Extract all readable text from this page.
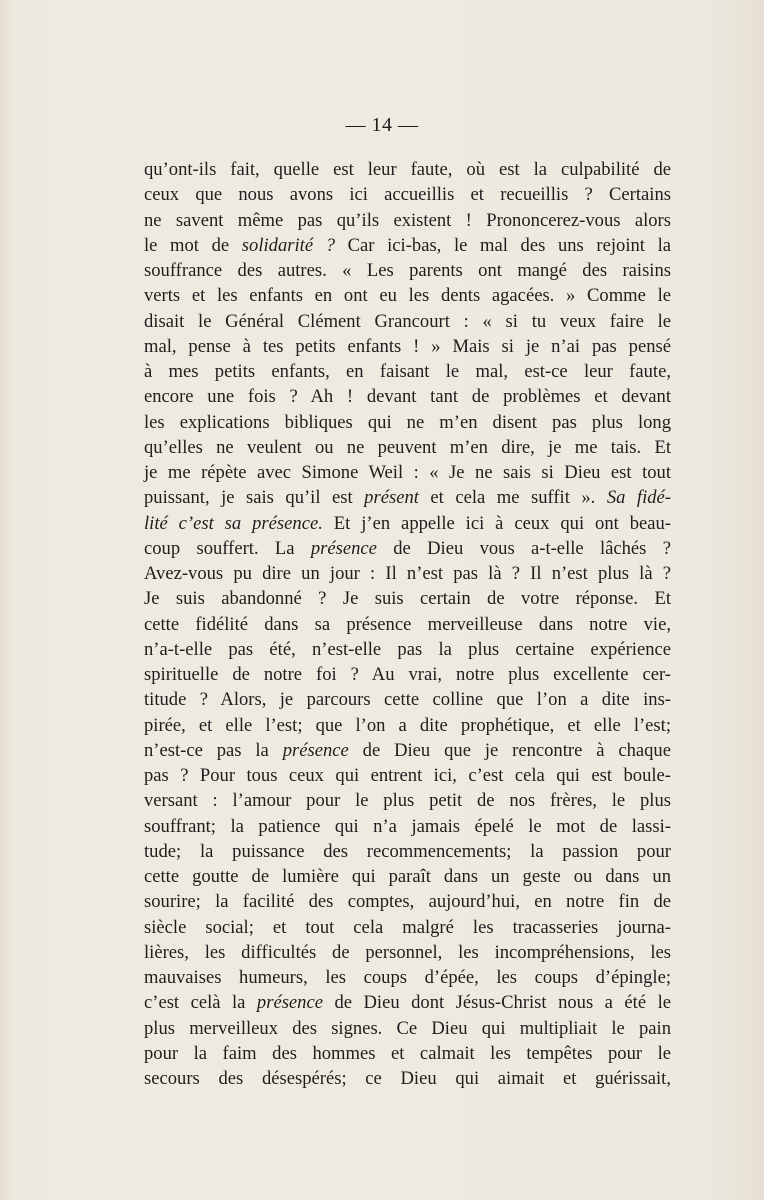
— 14 —
qu’ont-ils fait, quelle est leur faute, où est la culpabilité de
ceux que nous avons ici accueillis et recueillis ? Certains
ne savent même pas qu’ils existent ! Prononcerez-vous alors
le mot de solidarité ? Car ici-bas, le mal des uns rejoint la
souffrance des autres. « Les parents ont mangé des raisins
verts et les enfants en ont eu les dents agacées. » Comme le
disait le Général Clément Grancourt : « si tu veux faire le
mal, pense à tes petits enfants ! » Mais si je n’ai pas pensé
à mes petits enfants, en faisant le mal, est-ce leur faute,
encore une fois ? Ah ! devant tant de problèmes et devant
les explications bibliques qui ne m’en disent pas plus long
qu’elles ne veulent ou ne peuvent m’en dire, je me tais. Et
je me répète avec Simone Weil : « Je ne sais si Dieu est tout
puissant, je sais qu’il est présent et cela me suffit ». Sa fidé-
lité c’est sa présence. Et j’en appelle ici à ceux qui ont beau-
coup souffert. La présence de Dieu vous a-t-elle lâchés ?
Avez-vous pu dire un jour : Il n’est pas là ? Il n’est plus là ?
Je suis abandonné ? Je suis certain de votre réponse. Et
cette fidélité dans sa présence merveilleuse dans notre vie,
n’a-t-elle pas été, n’est-elle pas la plus certaine expérience
spirituelle de notre foi ? Au vrai, notre plus excellente cer-
titude ? Alors, je parcours cette colline que l’on a dite ins-
pirée, et elle l’est; que l’on a dite prophétique, et elle l’est;
n’est-ce pas la présence de Dieu que je rencontre à chaque
pas ? Pour tous ceux qui entrent ici, c’est cela qui est boule-
versant : l’amour pour le plus petit de nos frères, le plus
souffrant; la patience qui n’a jamais épelé le mot de lassi-
tude; la puissance des recommencements; la passion pour
cette goutte de lumière qui paraît dans un geste ou dans un
sourire; la facilité des comptes, aujourd’hui, en notre fin de
siècle social; et tout cela malgré les tracasseries journa-
lières, les difficultés de personnel, les incompréhensions, les
mauvaises humeurs, les coups d’épée, les coups d’épingle;
c’est celà la présence de Dieu dont Jésus-Christ nous a été le
plus merveilleux des signes. Ce Dieu qui multipliait le pain
pour la faim des hommes et calmait les tempêtes pour le
secours des désespérés; ce Dieu qui aimait et guérissait,
